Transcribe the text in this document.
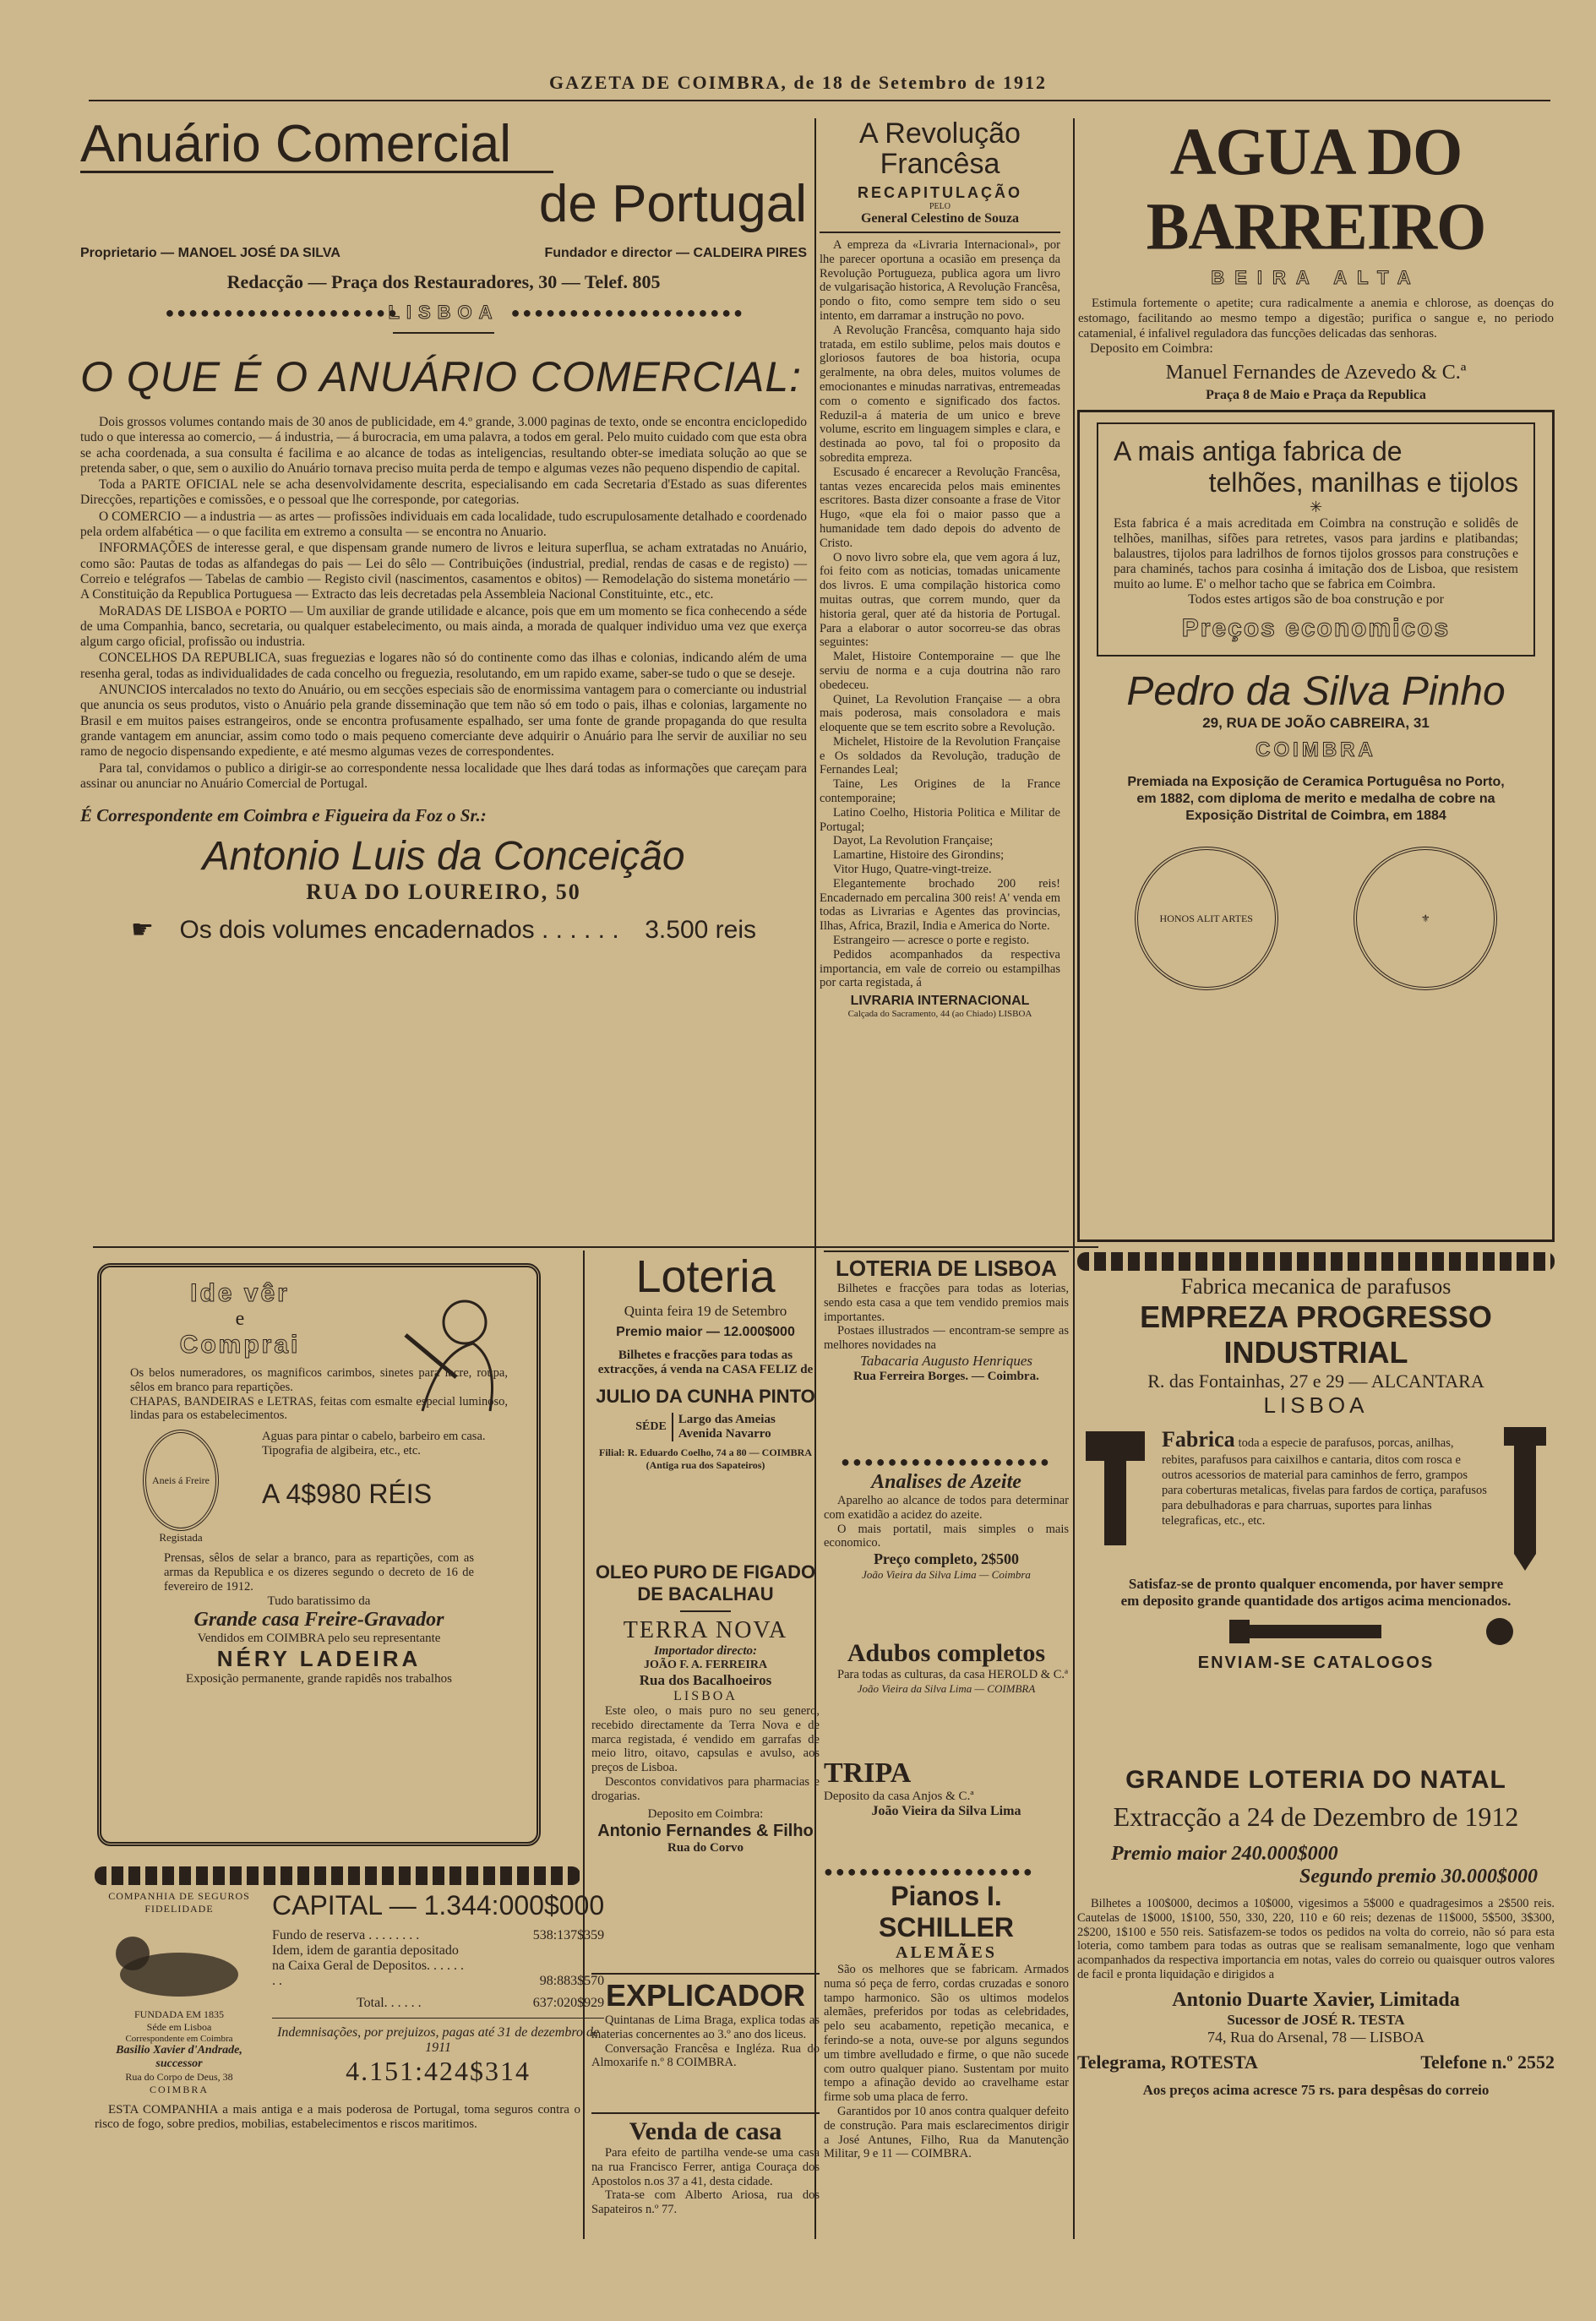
GAZETA DE COIMBRA, de 18 de Setembro de 1912
Anuário Comercial
de Portugal
Proprietario — MANOEL JOSÉ DA SILVA	Fundador e director — CALDEIRA PIRES
Redacção — Praça dos Restauradores, 30 — Telef. 805
●●●●●●●●●●●●●●●●●●●●
LISBOA ●●●●●●●●●●●●●●●●●●●●
O QUE É O ANUÁRIO COMERCIAL:

Dois grossos volumes contando mais de 30 anos de publicidade, em 4.º grande, 3.000 paginas de texto, onde se encontra enciclopedido tudo o que interessa ao comercio, — á industria, — á burocracia, em uma palavra, a todos em geral. Pelo muito cuidado com que esta obra se acha coordenada, a sua consulta é facilima e ao alcance de todas as inteligencias, resultando obter-se imediata solução ao que se pretenda saber, o que, sem o auxilio do Anuário tornava preciso muita perda de tempo e algumas vezes não pequeno dispendio de capital.

Toda a PARTE OFICIAL nele se acha desenvolvidamente descrita, especialisando em cada Secretaria d'Estado as suas diferentes Direcções, repartições e comissões, e o pessoal que lhe corresponde, por categorias.

O COMERCIO — a industria — as artes — profissões individuais em cada localidade, tudo escrupulosamente detalhado e coordenado pela ordem alfabética — o que facilita em extremo a consulta — se encontra no Anuario.

INFORMAÇÕES de interesse geral, e que dispensam grande numero de livros e leitura superflua, se acham extratadas no Anuário, como são: Pautas de todas as alfandegas do pais — Lei do sêlo — Contribuições (industrial, predial, rendas de casas e de registo) — Correio e telégrafos — Tabelas de cambio — Registo civil (nascimentos, casamentos e obitos) — Remodelação do sistema monetário — A Constituição da Republica Portuguesa — Extracto das leis decretadas pela Assembleia Nacional Constituinte, etc., etc.

MoRADAS DE LISBOA e PORTO — Um auxiliar de grande utilidade e alcance, pois que em um momento se fica conhecendo a séde de uma Companhia, banco, secretaria, ou qualquer estabelecimento, ou mais ainda, a morada de qualquer individuo uma vez que exerça algum cargo oficial, profissão ou industria.

CONCELHOS DA REPUBLICA, suas freguezias e logares não só do continente como das ilhas e colonias, indicando além de uma resenha geral, todas as individualidades de cada concelho ou freguezia, resolutando, em um rapido exame, saber-se tudo o que se deseje.

ANUNCIOS intercalados no texto do Anuário, ou em secções especiais são de enormissima vantagem para o comerciante ou industrial que anuncia os seus produtos, visto o Anuário pela grande disseminação que tem não só em todo o pais, ilhas e colonias, largamente no Brasil e em muitos paises estrangeiros, onde se encontra profusamente espalhado, ser uma fonte de grande propaganda do que resulta grande vantagem em anunciar, assim como todo o mais pequeno comerciante deve adquirir o Anuário para lhe servir de auxiliar no seu ramo de negocio dispensando expediente, e até mesmo algumas vezes de correspondentes.

Para tal, convidamos o publico a dirigir-se ao correspondente nessa localidade que lhes dará todas as informações que careçam para assinar ou anunciar no Anuário Comercial de Portugal.

É Correspondente em Coimbra e Figueira da Foz o Sr.:
Antonio Luis da Conceição
RUA DO LOUREIRO, 50
☛ Os dois volumes encadernados . . . . . . 3.500 reis
Ide vêr
e
Comprai

Os belos numeradores, os magnificos carimbos, sinetes para lacre, roupa, sêlos em branco para repartições.

CHAPAS, BANDEIRAS e LETRAS, feitas com esmalte especial luminoso, lindas para os estabelecimentos.

Aneis á Freire
Registada

Aguas para pintar o cabelo, barbeiro em casa.

Tipografia de algibeira, etc., etc.

A 4$980 RÉIS

Prensas, sêlos de selar a branco, para as repartições, com as armas da Republica e os dizeres segundo o decreto de 16 de fevereiro de 1912.

Tudo baratissimo da
Grande casa Freire-Gravador
Vendidos em COIMBRA pelo seu representante
NÉRY LADEIRA
Exposição permanente, grande rapidês nos trabalhos
COMPANHIA DE SEGUROS FIDELIDADE
FUNDADA EM 1835
Séde em Lisboa
Correspondente em Coimbra
Basilio Xavier d'Andrade, successor
Rua do Corpo de Deus, 38
COIMBRA
CAPITAL — 1.344:000$000
Fundo de reserva . . . . . . . .	538:137$359
Idem, idem de garantia depositado na Caixa Geral de Depositos. . . . . . . .	98:883$570
Total. . . . . .	637:020$929
Indemnisações, por prejuizos, pagas até 31 de dezembro de 1911
4.151:424$314

ESTA COMPANHIA a mais antiga e a mais poderosa de Portugal, toma seguros contra o risco de fogo, sobre predios, mobilias, estabelecimentos e riscos maritimos.

Loteria
Quinta feira 19 de Setembro
Premio maior — 12.000$000
Bilhetes e fracções para todas as extracções, á venda na CASA FELIZ de
JULIO DA CUNHA PINTO
SÉDE
Largo das Ameias
Avenida Navarro
Filial: R. Eduardo Coelho, 74 a 80 — COIMBRA
(Antiga rua dos Sapateiros)
OLEO PURO DE FIGADO
DE BACALHAU
TERRA NOVA
Importador directo:
JOÃO F. A. FERREIRA
Rua dos Bacalhoeiros
LISBOA

Este oleo, o mais puro no seu genero, recebido directamente da Terra Nova e de marca registada, é vendido em garrafas de meio litro, oitavo, capsulas e avulso, aos preços de Lisboa.

Descontos convidativos para pharmacias e drogarias.

Deposito em Coimbra:
Antonio Fernandes & Filho
Rua do Corvo
EXPLICADOR

Quintanas de Lima Braga, explica todas as materias concernentes ao 3.º ano dos liceus.

Conversação Francêsa e Ingléza. Rua do Almoxarife n.º 8 COIMBRA.

Venda de casa

Para efeito de partilha vende-se uma casa na rua Francisco Ferrer, antiga Couraça dos Apostolos n.os 37 a 41, desta cidade.

Trata-se com Alberto Ariosa, rua dos Sapateiros n.º 77.

A Revolução Francêsa
RECAPITULAÇÃO
PELO
General Celestino de Souza

A empreza da «Livraria Internacional», por lhe parecer oportuna a ocasião em presença da Revolução Portugueza, publica agora um livro de vulgarisação historica, A Revolução Francêsa, pondo o fito, como sempre tem sido o seu intento, em darramar a instrução no povo.

A Revolução Francêsa, comquanto haja sido tratada, em estilo sublime, pelos mais doutos e gloriosos fautores de boa historia, ocupa geralmente, na obra deles, muitos volumes de emocionantes e minudas narrativas, entremeadas com o comento e significado dos factos. Reduzil-a á materia de um unico e breve volume, escrito em linguagem simples e clara, e destinada ao povo, tal foi o proposito da sobredita empreza.

Escusado é encarecer a Revolução Francêsa, tantas vezes encarecida pelos mais eminentes escritores. Basta dizer consoante a frase de Vitor Hugo, «que ela foi o maior passo que a humanidade tem dado depois do advento de Cristo.

O novo livro sobre ela, que vem agora á luz, foi feito com as noticias, tomadas unicamente dos livros. E uma compilação historica como muitas outras, que correm mundo, quer da historia geral, quer até da historia de Portugal. Para a elaborar o autor socorreu-se das obras seguintes:

Malet, Histoire Contemporaine — que lhe serviu de norma e a cuja doutrina não raro obedeceu.

Quinet, La Revolution Française — a obra mais poderosa, mais consoladora e mais eloquente que se tem escrito sobre a Revolução.

Michelet, Histoire de la Revolution Française e Os soldados da Revolução, tradução de Fernandes Leal;

Taine, Les Origines de la France contemporaine;

Latino Coelho, Historia Politica e Militar de Portugal;

Dayot, La Revolution Française;

Lamartine, Histoire des Girondins;

Vitor Hugo, Quatre-vingt-treize.

Elegantemente brochado 200 reis! Encadernado em percalina 300 reis! A' venda em todas as Livrarias e Agentes das provincias, Ilhas, Africa, Brazil, India e America do Norte.

Estrangeiro — acresce o porte e registo.

Pedidos acompanhados da respectiva importancia, em vale de correio ou estampilhas por carta registada, á

LIVRARIA INTERNACIONAL
Calçada do Sacramento, 44 (ao Chiado) LISBOA
LOTERIA DE LISBOA

Bilhetes e fracções para todas as loterias, sendo esta casa a que tem vendido premios mais importantes.

Postaes illustrados — encontram-se sempre as melhores novidades na

Tabacaria Augusto Henriques
Rua Ferreira Borges. — Coimbra.
●●●●●●●●●●●●●●●●●●
Analises de Azeite

Aparelho ao alcance de todos para determinar com exatidão a acidez do azeite.

O mais portatil, mais simples o mais economico.

Preço completo, 2$500
João Vieira da Silva Lima — Coimbra
Adubos completos

Para todas as culturas, da casa HEROLD & C.ª

João Vieira da Silva Lima — COIMBRA
TRIPA
Deposito da casa Anjos & C.ª
João Vieira da Silva Lima
●●●●●●●●●●●●●●●●●●
Pianos I. SCHILLER
ALEMÃES

São os melhores que se fabricam. Armados numa só peça de ferro, cordas cruzadas e sonoro tampo harmonico. São os ultimos modelos alemães, preferidos por todas as celebridades, pelo seu acabamento, repetição mecanica, e ferindo-se a nota, ouve-se por alguns segundos um timbre avelludado e firme, o que não sucede com outro qualquer piano. Sustentam por muito tempo a afinação devido ao cravelhame estar firme sob uma placa de ferro.

Garantidos por 10 anos contra qualquer defeito de construção. Para mais esclarecimentos dirigir a José Antunes, Filho, Rua da Manutenção Militar, 9 e 11 — COIMBRA.

AGUA DO BARREIRO
BEIRA ALTA

Estimula fortemente o apetite; cura radicalmente a anemia e chlorose, as doenças do estomago, facilitando ao mesmo tempo a digestão; purifica o sangue e, no periodo catamenial, é infalivel reguladora das funcções delicadas das senhoras.

Deposito em Coimbra:
Manuel Fernandes de Azevedo & C.ª
Praça 8 de Maio e Praça da Republica
A mais antiga fabrica de
telhões, manilhas e tijolos
✳

Esta fabrica é a mais acreditada em Coimbra na construção e solidês de telhões, manilhas, sifões para retretes, vasos para jardins e platibandas; balaustres, tijolos para ladrilhos de fornos tijolos grossos para construções e para chaminés, tachos para cosinha á imitação dos de Lisboa, que resistem muito ao lume. E' o melhor tacho que se fabrica em Coimbra.

Todos estes artigos são de boa construção e por
Preços economicos
Pedro da Silva Pinho
29, RUA DE JOÃO CABREIRA, 31
COIMBRA
Premiada na Exposição de Ceramica Portuguêsa no Porto, em 1882, com diploma de merito e medalha de cobre na Exposição Distrital de Coimbra, em 1884
HONOS ALIT ARTES	⚜
Fabrica mecanica de parafusos
EMPREZA PROGRESSO INDUSTRIAL
R. das Fontainhas, 27 e 29 — ALCANTARA
LISBOA
Fabrica toda a especie de parafusos, porcas, anilhas, rebites, parafusos para caixilhos e cantaria, ditos com rosca e outros acessorios de material para caminhos de ferro, grampos para coberturas metalicas, fivelas para fardos de cortiça, parafusos para debulhadoras e para charruas, suportes para linhas telegraficas, etc., etc.
Satisfaz-se de pronto qualquer encomenda, por haver sempre em deposito grande quantidade dos artigos acima mencionados.
ENVIAM-SE CATALOGOS
GRANDE LOTERIA DO NATAL
Extracção a 24 de Dezembro de 1912
Premio maior 240.000$000
Segundo premio 30.000$000

Bilhetes a 100$000, decimos a 10$000, vigesimos a 5$000 e quadragesimos a 2$500 reis. Cautelas de 1$000, 1$100, 550, 330, 220, 110 e 60 reis; dezenas de 11$000, 5$500, 3$300, 2$200, 1$100 e 550 reis. Satisfazem-se todos os pedidos na volta do correio, não só para esta loteria, como tambem para todas as outras que se realisam semanalmente, logo que venham acompanhados da respectiva importancia em notas, vales do correio ou quaisquer outros valores de facil e pronta liquidação e dirigidos a

Antonio Duarte Xavier, Limitada
Sucessor de JOSÉ R. TESTA
74, Rua do Arsenal, 78 — LISBOA
Telegrama, ROTESTA	Telefone n.º 2552
Aos preços acima acresce 75 rs. para despêsas do correio
